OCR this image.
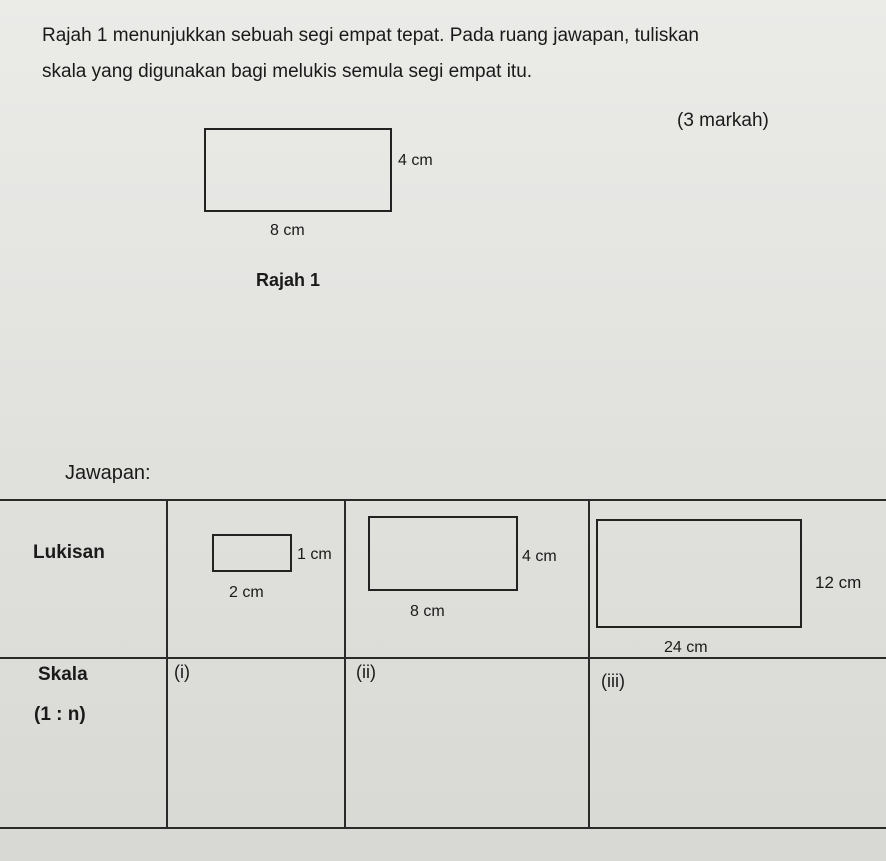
Rajah 1 menunjukkan sebuah segi empat tepat. Pada ruang jawapan, tuliskan
skala yang digunakan bagi melukis semula segi empat itu.

(3 markah)
4 cm
8 cm
Rajah 1
Jawapan:
Lukisan
Skala
(1 : n)
1 cm
2 cm
4 cm
8 cm
12 cm
24 cm
(i)	(ii)	(iii)
